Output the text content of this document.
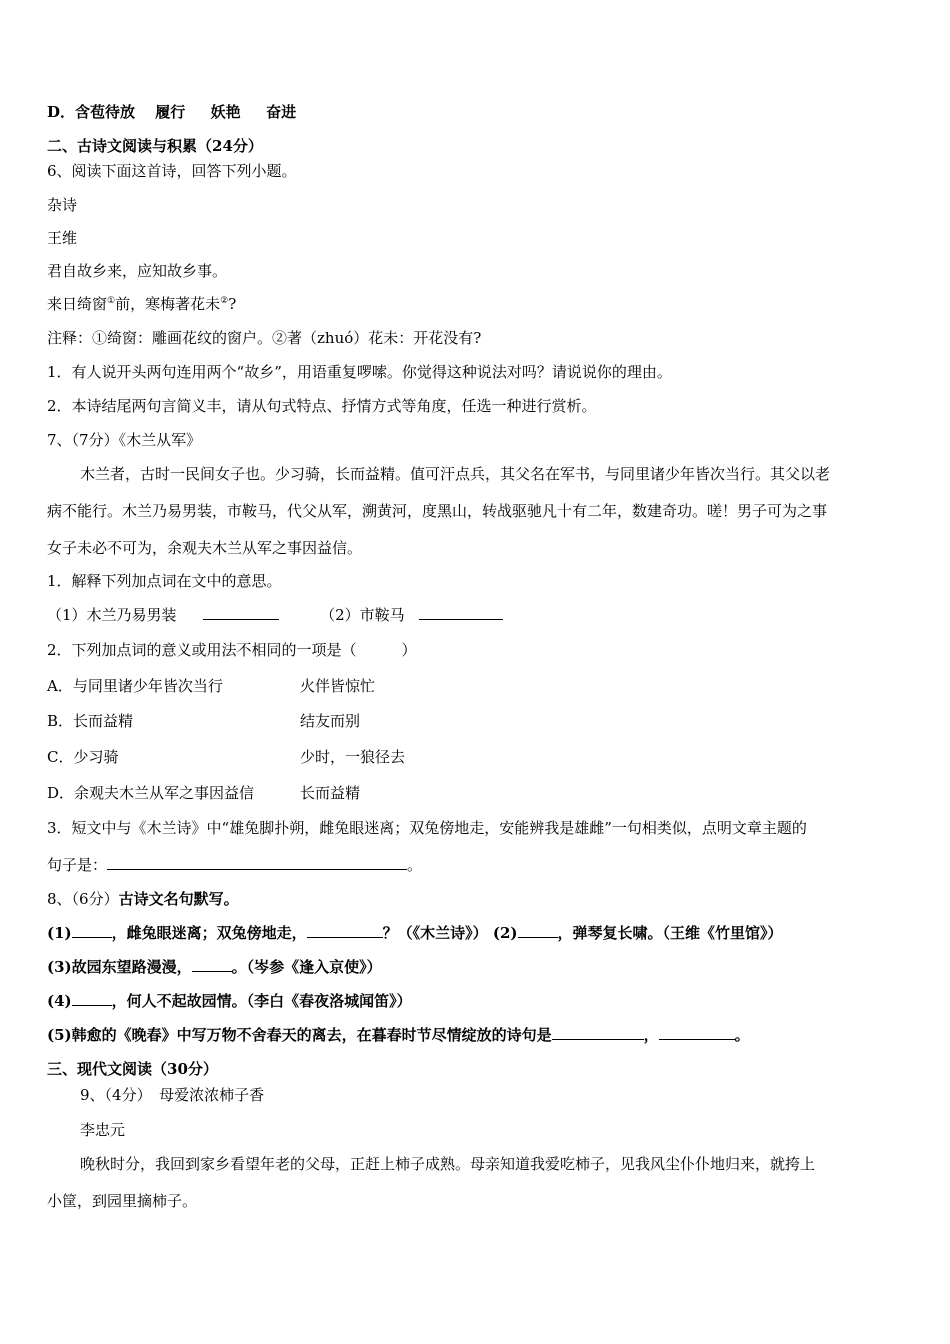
D．含苞待放　 履行 　 妖艳 　 奋进
二、古诗文阅读与积累（24分）
6、阅读下面这首诗，回答下列小题。
杂诗
王维
君自故乡来，应知故乡事。
来日绮窗①前，寒梅著花未②?
注释：①绮窗：雕画花纹的窗户。②著（zhuó）花未：开花没有?
1．有人说开头两句连用两个“故乡”，用语重复啰嗦。你觉得这种说法对吗？请说说你的理由。
2．本诗结尾两句言简义丰，请从句式特点、抒情方式等角度，任选一种进行赏析。
7、（7分）《木兰从军》
木兰者，古时一民间女子也。少习骑，长而益精。值可汗点兵，其父名在军书，与同里诸少年皆次当行。其父以老
病不能行。木兰乃易男装，市鞍马，代父从军，溯黄河，度黑山，转战驱驰凡十有二年，数建奇功。嗟！男子可为之事
女子未必不可为，余观夫木兰从军之事因益信。
1．解释下列加点词在文中的意思。
（1）木兰乃易男装	（2）市鞍马
2．下列加点词的意义或用法不相同的一项是（　　　）
A．与同里诸少年皆次当行	火伴皆惊忙
B．长而益精	结友而别
C．少习骑	少时，一狼径去
D．余观夫木兰从军之事因益信	长而益精
3．短文中与《木兰诗》中“雄兔脚扑朔，雌兔眼迷离；双兔傍地走，安能辨我是雄雌”一句相类似，点明文章主题的
句子是：	。
8、（6分）古诗文名句默写。
(1)	，雌兔眼迷离；双兔傍地走，	？（《木兰诗》） (2)	，弹琴复长啸。（王维《竹里馆》）
(3)故园东望路漫漫，	。（岑参《逢入京使》）
(4)	，何人不起故园情。（李白《春夜洛城闻笛》）
(5)韩愈的《晚春》中写万物不舍春天的离去，在暮春时节尽情绽放的诗句是	，	。
三、现代文阅读（30分）
9、（4分）　母爱浓浓柿子香
李忠元
晚秋时分，我回到家乡看望年老的父母，正赶上柿子成熟。母亲知道我爱吃柿子，见我风尘仆仆地归来，就挎上
小筐，到园里摘柿子。
